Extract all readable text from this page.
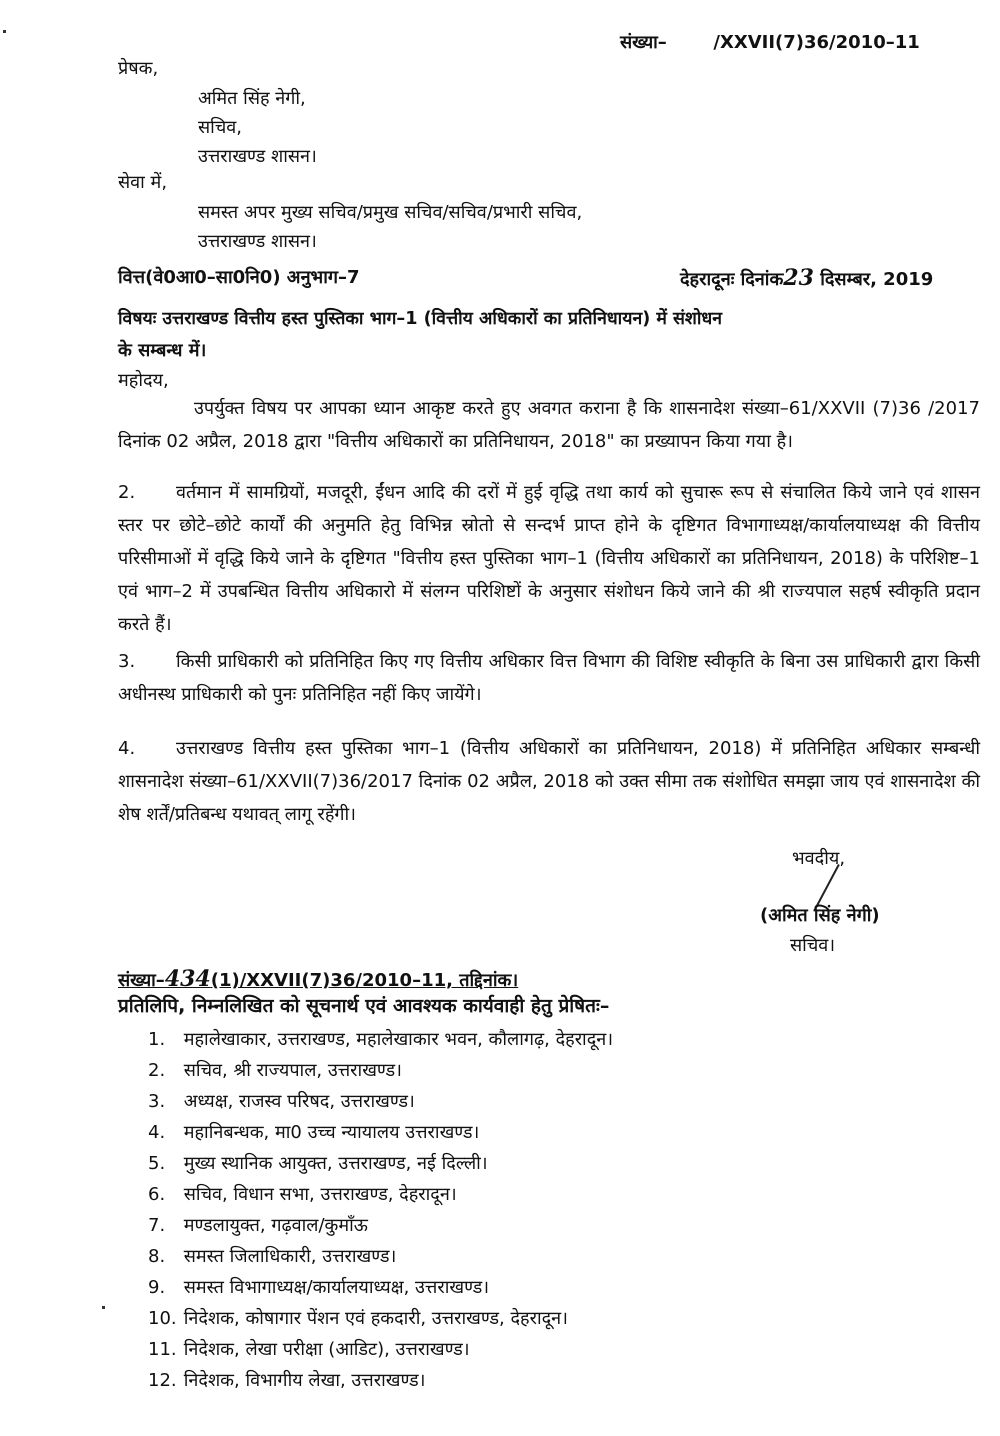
संख्या–	/XXVII(7)36/2010–11
प्रेषक,
अमित सिंह नेगी,
सचिव,
उत्तराखण्ड शासन।
सेवा में,
समस्त अपर मुख्य सचिव/प्रमुख सचिव/सचिव/प्रभारी सचिव,
उत्तराखण्ड शासन।
वित्त(वे0आ0–सा0नि0) अनुभाग–7	देहरादूनः दिनांक23 दिसम्बर, 2019
विषयः उत्तराखण्ड वित्तीय हस्त पुस्तिका भाग–1 (वित्तीय अधिकारों का प्रतिनिधायन) में संशोधन
के सम्बन्ध में।
महोदय,
उपर्युक्त विषय पर आपका ध्यान आकृष्ट करते हुए अवगत कराना है कि शासनादेश संख्या–61/XXVII (7)36 /2017 दिनांक 02 अप्रैल, 2018 द्वारा "वित्तीय अधिकारों का प्रतिनिधायन, 2018" का प्रख्यापन किया गया है।
2. वर्तमान में सामग्रियों, मजदूरी, ईंधन आदि की दरों में हुई वृद्धि तथा कार्य को सुचारू रूप से संचालित किये जाने एवं शासन स्तर पर छोटे–छोटे कार्यों की अनुमति हेतु विभिन्न स्रोतो से सन्दर्भ प्राप्त होने के दृष्टिगत विभागाध्यक्ष/कार्यालयाध्यक्ष की वित्तीय परिसीमाओं में वृद्धि किये जाने के दृष्टिगत "वित्तीय हस्त पुस्तिका भाग–1 (वित्तीय अधिकारों का प्रतिनिधायन, 2018) के परिशिष्ट–1 एवं भाग–2 में उपबन्धित वित्तीय अधिकारो में संलग्न परिशिष्टों के अनुसार संशोधन किये जाने की श्री राज्यपाल सहर्ष स्वीकृति प्रदान करते हैं।
3. किसी प्राधिकारी को प्रतिनिहित किए गए वित्तीय अधिकार वित्त विभाग की विशिष्ट स्वीकृति के बिना उस प्राधिकारी द्वारा किसी अधीनस्थ प्राधिकारी को पुनः प्रतिनिहित नहीं किए जायेंगे।
4. उत्तराखण्ड वित्तीय हस्त पुस्तिका भाग–1 (वित्तीय अधिकारों का प्रतिनिधायन, 2018) में प्रतिनिहित अधिकार सम्बन्धी शासनादेश संख्या–61/XXVII(7)36/2017 दिनांक 02 अप्रैल, 2018 को उक्त सीमा तक संशोधित समझा जाय एवं शासनादेश की शेष शर्तें/प्रतिबन्ध यथावत् लागू रहेंगी।
भवदीय,
(अमित सिंह नेगी)
सचिव।
संख्या–434(1)/XXVII(7)36/2010–11, तद्दिनांक।
प्रतिलिपि, निम्नलिखित को सूचनार्थ एवं आवश्यक कार्यवाही हेतु प्रेषितः–
1. महालेखाकार, उत्तराखण्ड, महालेखाकार भवन, कौलागढ़, देहरादून।
2. सचिव, श्री राज्यपाल, उत्तराखण्ड।
3. अध्यक्ष, राजस्व परिषद, उत्तराखण्ड।
4. महानिबन्धक, मा0 उच्च न्यायालय उत्तराखण्ड।
5. मुख्य स्थानिक आयुक्त, उत्तराखण्ड, नई दिल्ली।
6. सचिव, विधान सभा, उत्तराखण्ड, देहरादून।
7. मण्डलायुक्त, गढ़वाल/कुमाँऊ
8. समस्त जिलाधिकारी, उत्तराखण्ड।
9. समस्त विभागाध्यक्ष/कार्यालयाध्यक्ष, उत्तराखण्ड।
10. निदेशक, कोषागार पेंशन एवं हकदारी, उत्तराखण्ड, देहरादून।
11. निदेशक, लेखा परीक्षा (आडिट), उत्तराखण्ड।
12. निदेशक, विभागीय लेखा, उत्तराखण्ड।
